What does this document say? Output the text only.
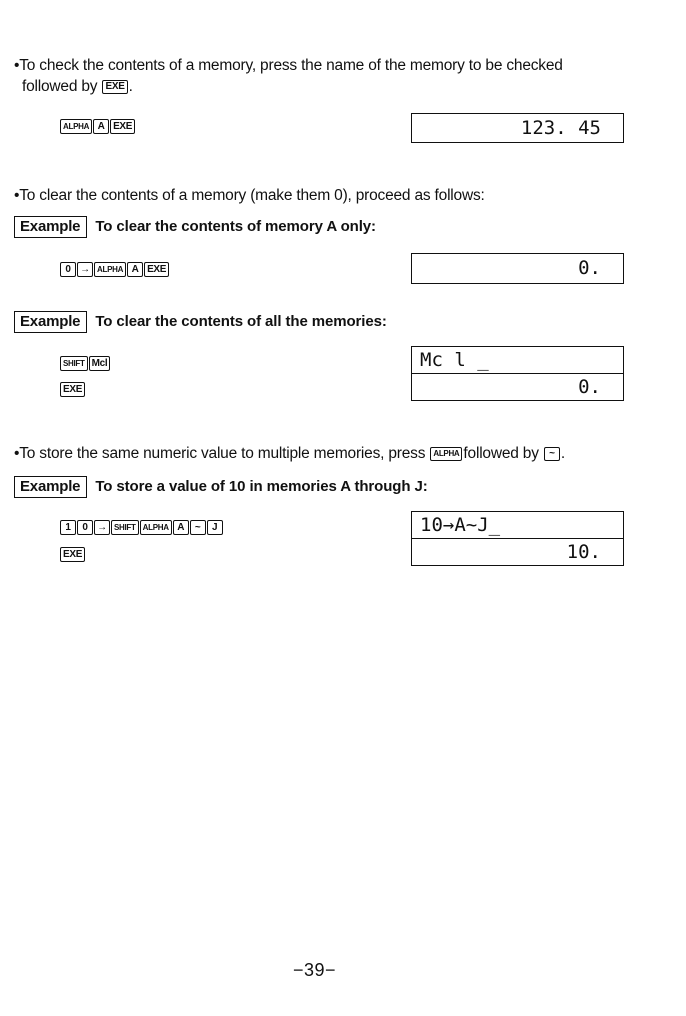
•To check the contents of a memory, press the name of the memory to be checked
followed by EXE .
ALPHA A EXE	123. 45
•To clear the contents of a memory (make them 0), proceed as follows:
Example To clear the contents of memory A only:
0 → ALPHA A EXE	0.
Example To clear the contents of all the memories:
SHIFT Mcl
EXE
Mc l _
0.
•To store the same numeric value to multiple memories, press ALPHA followed by ~ .
Example To store a value of 10 in memories A through J:
1	0 → SHIFT ALPHA A	~	J
EXE
10→A~J_
10.
−39−
